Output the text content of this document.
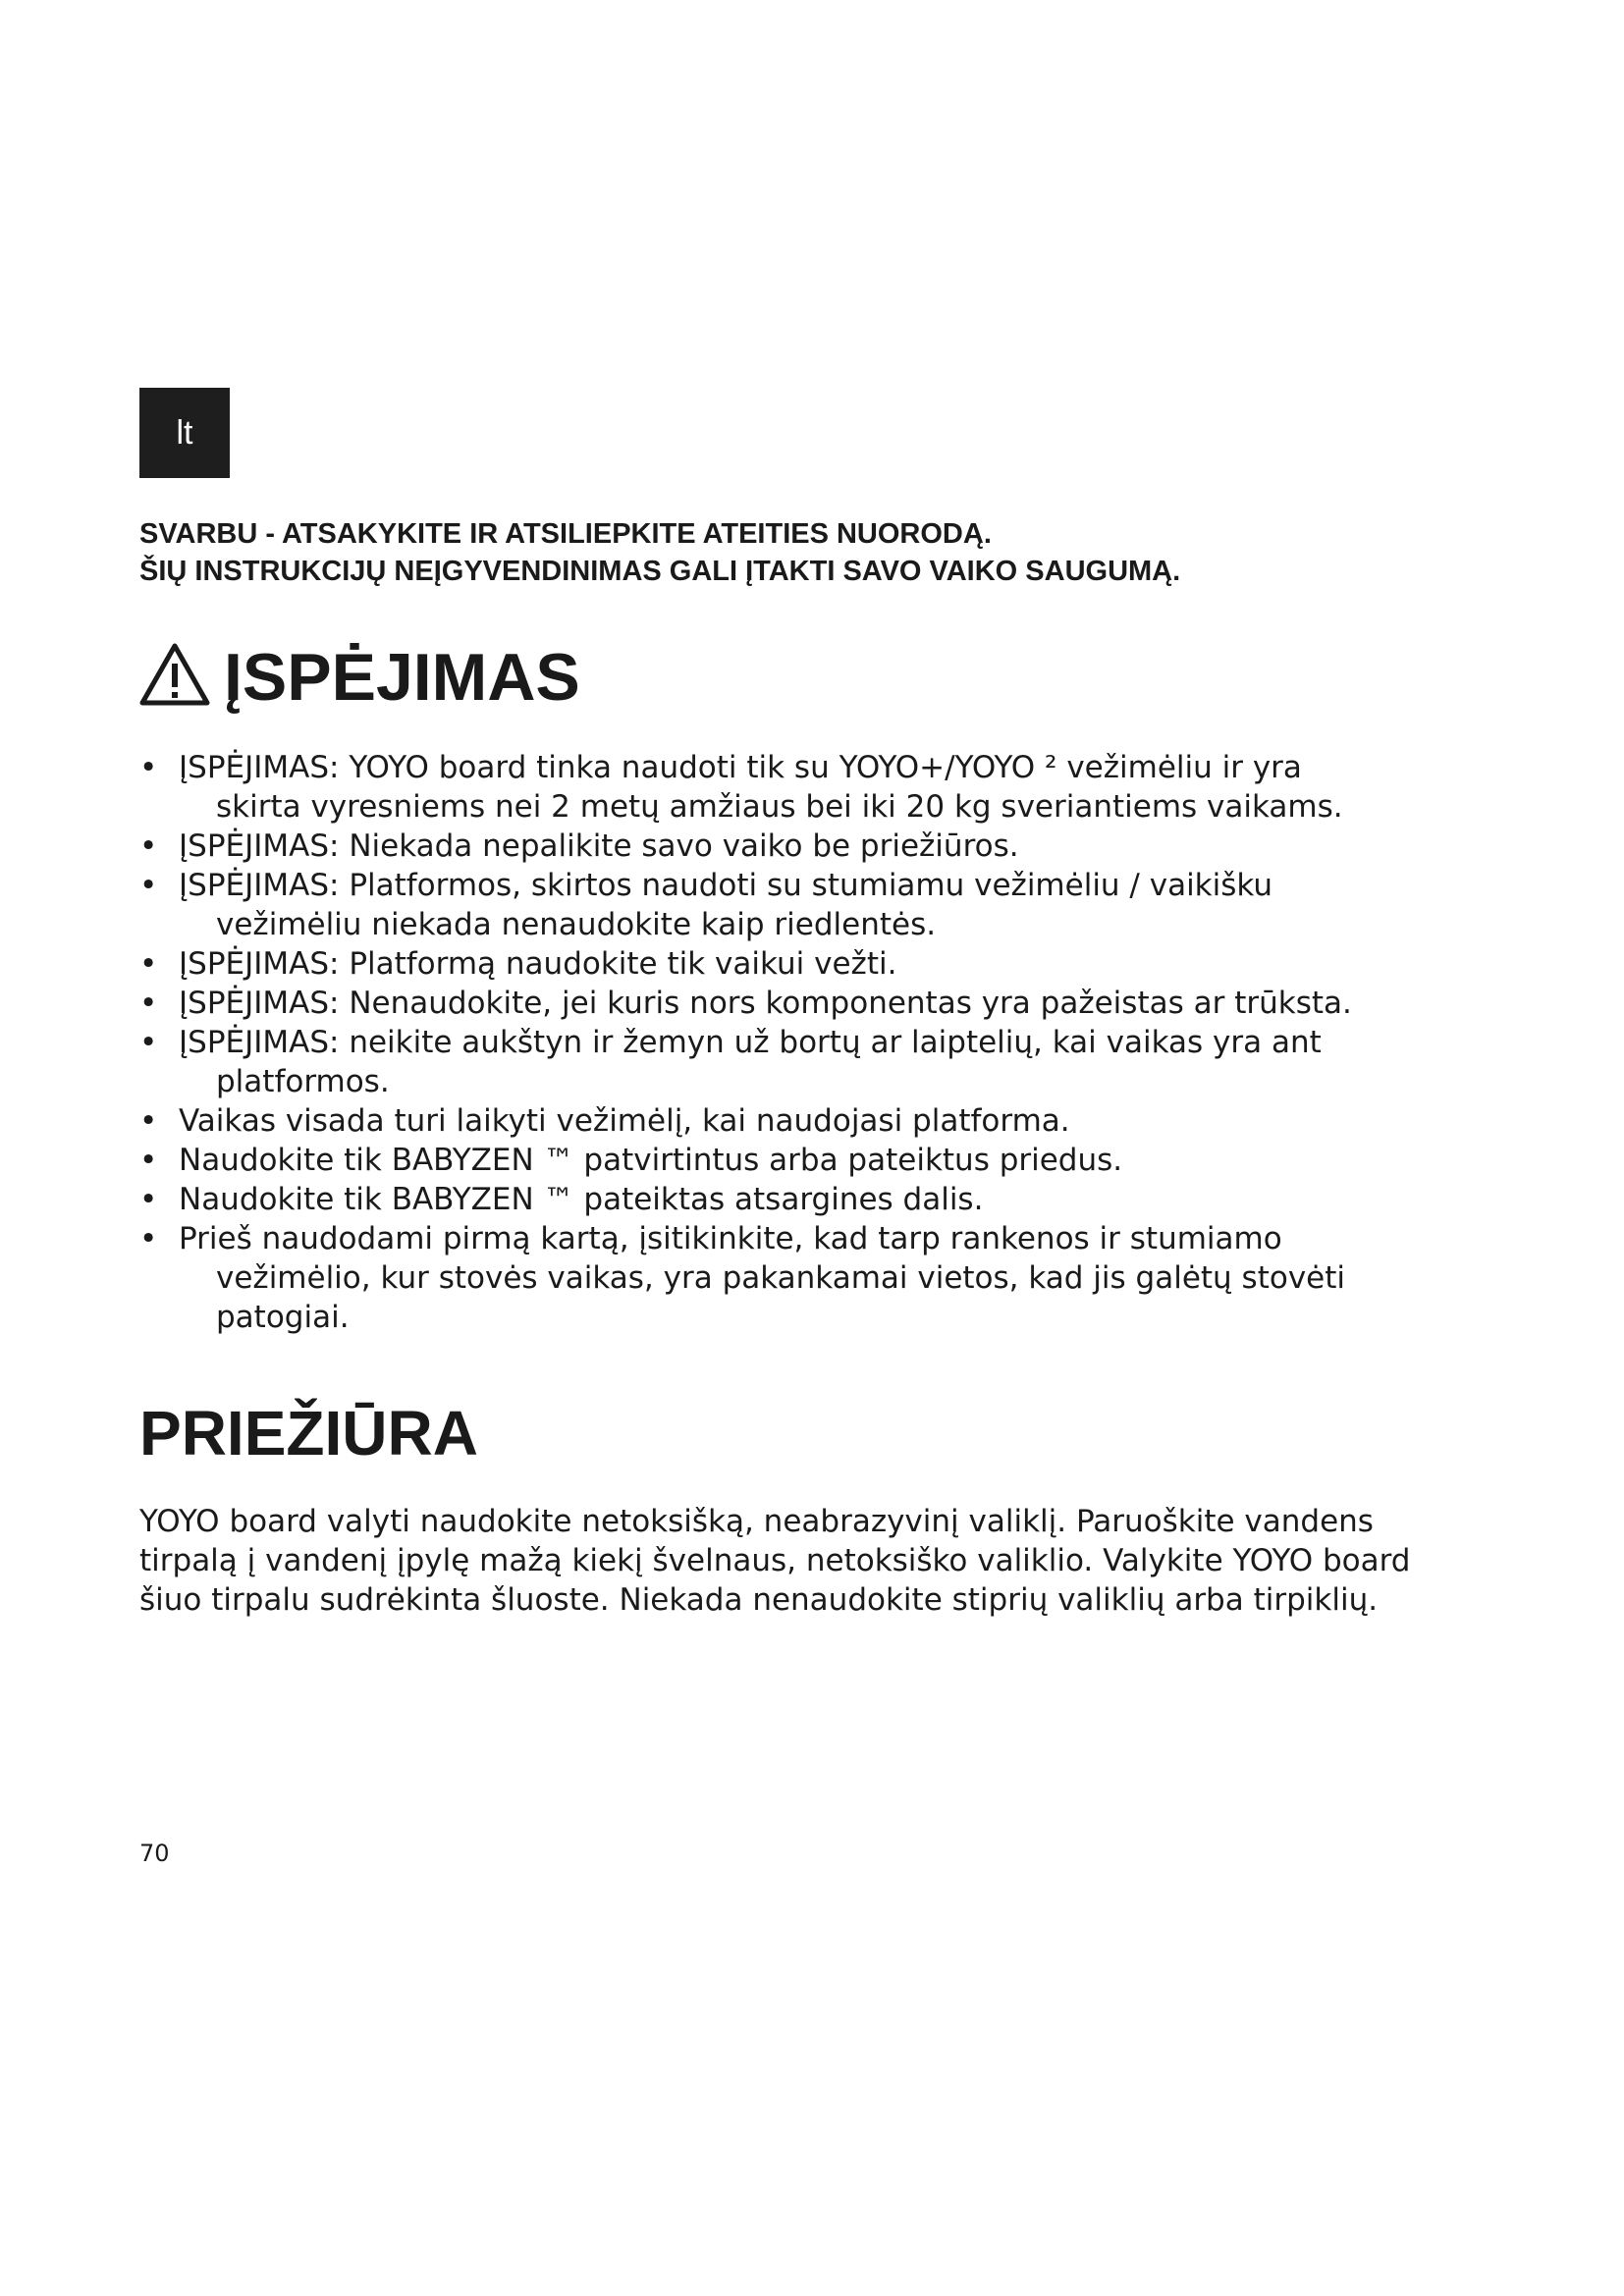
lt

SVARBU - ATSAKYKITE IR ATSILIEPKITE ATEITIES NUORODĄ.
ŠIŲ INSTRUKCIJŲ NEĮGYVENDINIMAS GALI ĮTAKTI SAVO VAIKO SAUGUMĄ.

ĮSPĖJIMAS
• ĮSPĖJIMAS: YOYO board tinka naudoti tik su YOYO+/YOYO ² vežimėliu ir yra
skirta vyresniems nei 2 metų amžiaus bei iki 20 kg sveriantiems vaikams.
• ĮSPĖJIMAS: Niekada nepalikite savo vaiko be priežiūros.
• ĮSPĖJIMAS: Platformos, skirtos naudoti su stumiamu vežimėliu / vaikišku
vežimėliu niekada nenaudokite kaip riedlentės.
• ĮSPĖJIMAS: Platformą naudokite tik vaikui vežti.
• ĮSPĖJIMAS: Nenaudokite, jei kuris nors komponentas yra pažeistas ar trūksta.
• ĮSPĖJIMAS: neikite aukštyn ir žemyn už bortų ar laiptelių, kai vaikas yra ant
platformos.
• Vaikas visada turi laikyti vežimėlį, kai naudojasi platforma.
• Naudokite tik BABYZEN ™ patvirtintus arba pateiktus priedus.
• Naudokite tik BABYZEN ™ pateiktas atsargines dalis.
• Prieš naudodami pirmą kartą, įsitikinkite, kad tarp rankenos ir stumiamo
vežimėlio, kur stovės vaikas, yra pakankamai vietos, kad jis galėtų stovėti
patogiai.
PRIEŽIŪRA

YOYO board valyti naudokite netoksišką, neabrazyvinį valiklį. Paruoškite vandens
tirpalą į vandenį įpylę mažą kiekį švelnaus, netoksiško valiklio. Valykite YOYO board
šiuo tirpalu sudrėkinta šluoste. Niekada nenaudokite stiprių valiklių arba tirpiklių.

70
